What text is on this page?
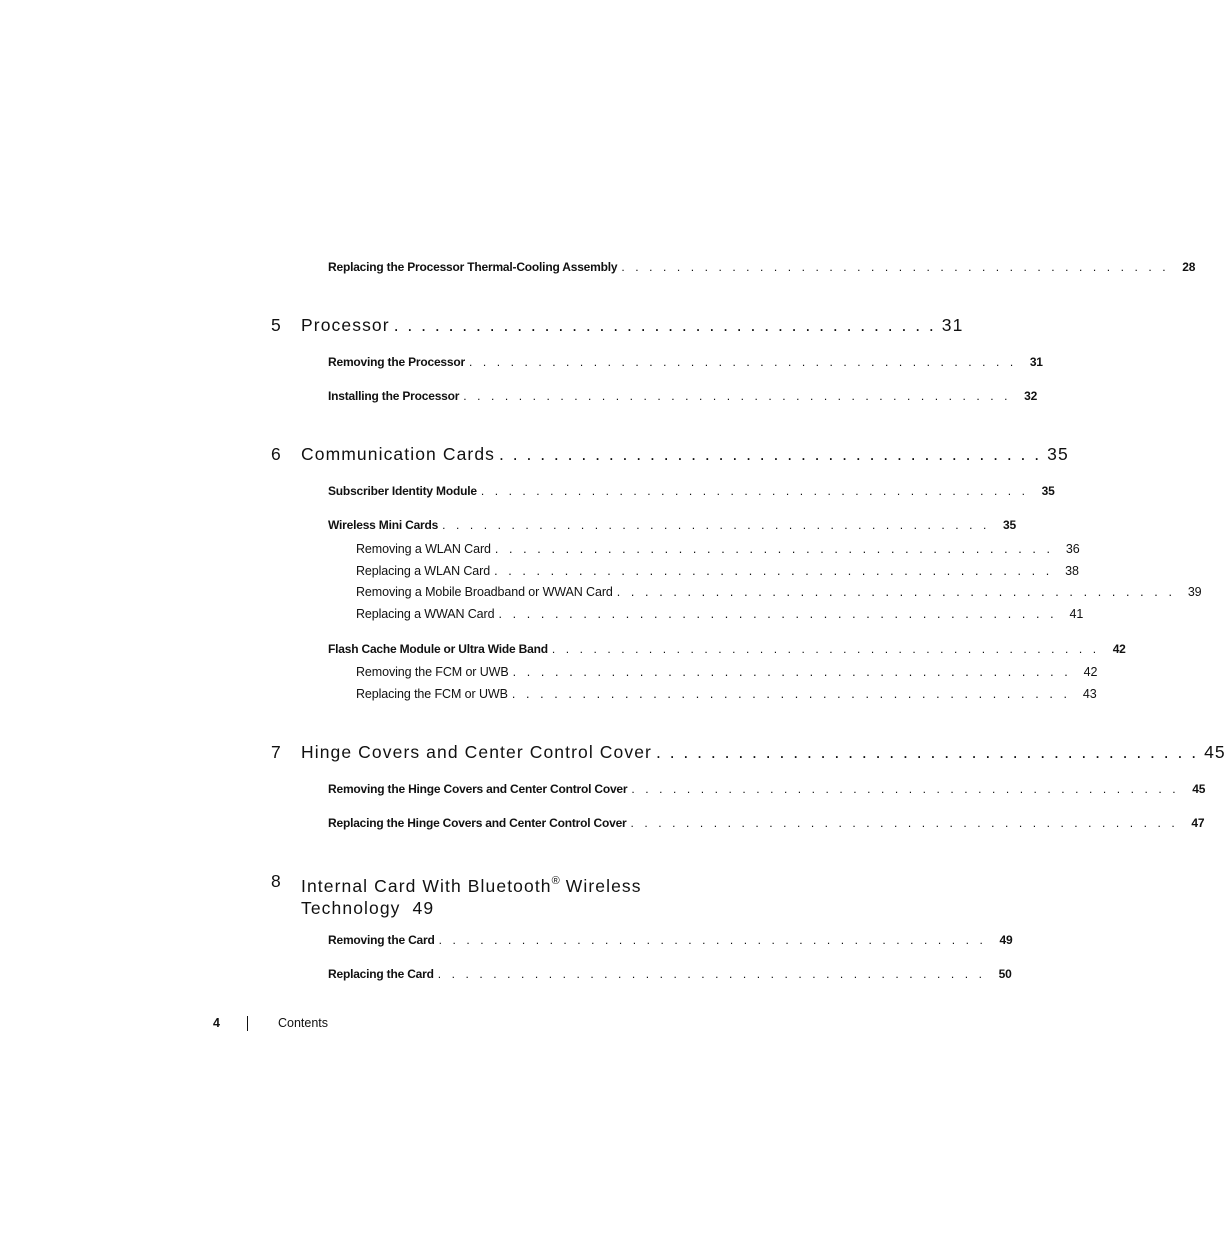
Replacing the Processor Thermal-Cooling Assembly . . . . . . . . . . . . . . . . . . . . . . . . . . . . . . . . . . . . . . . .	28
5	Processor . . . . . . . . . . . . . . . . . . . . . . . . . . . . . . . . . . . . . . . . 31
Removing the Processor . . . . . . . . . . . . . . . . . . . . . . . . . . . . . . . . . . . . . . . .	31
Installing the Processor . . . . . . . . . . . . . . . . . . . . . . . . . . . . . . . . . . . . . . . .	32
6	Communication Cards . . . . . . . . . . . . . . . . . . . . . . . . . . . . . . . . . . . . . . . . 35
Subscriber Identity Module . . . . . . . . . . . . . . . . . . . . . . . . . . . . . . . . . . . . . . . .	35
Wireless Mini Cards . . . . . . . . . . . . . . . . . . . . . . . . . . . . . . . . . . . . . . . .	35
Removing a WLAN Card . . . . . . . . . . . . . . . . . . . . . . . . . . . . . . . . . . . . . . . . 36
Replacing a WLAN Card . . . . . . . . . . . . . . . . . . . . . . . . . . . . . . . . . . . . . . . . 38
Removing a Mobile Broadband or WWAN Card . . . . . . . . . . . . . . . . . . . . . . . . . . . . . . . . . . . . . . . . 39
Replacing a WWAN Card . . . . . . . . . . . . . . . . . . . . . . . . . . . . . . . . . . . . . . . . 41
Flash Cache Module or Ultra Wide Band . . . . . . . . . . . . . . . . . . . . . . . . . . . . . . . . . . . . . . . .	42
Removing the FCM or UWB . . . . . . . . . . . . . . . . . . . . . . . . . . . . . . . . . . . . . . . . 42
Replacing the FCM or UWB . . . . . . . . . . . . . . . . . . . . . . . . . . . . . . . . . . . . . . . . 43
7	Hinge Covers and Center Control Cover . . . . . . . . . . . . . . . . . . . . . . . . . . . . . . . . . . . . . . . . 45
Removing the Hinge Covers and Center Control Cover . . . . . . . . . . . . . . . . . . . . . . . . . . . . . . . . . . . . . . . .	45
Replacing the Hinge Covers and Center Control Cover . . . . . . . . . . . . . . . . . . . . . . . . . . . . . . . . . . . . . . . .	47
8 Internal Card With Bluetooth® Wireless
Technology 49
Removing the Card . . . . . . . . . . . . . . . . . . . . . . . . . . . . . . . . . . . . . . . .	49
Replacing the Card . . . . . . . . . . . . . . . . . . . . . . . . . . . . . . . . . . . . . . . .	50
4	Contents
